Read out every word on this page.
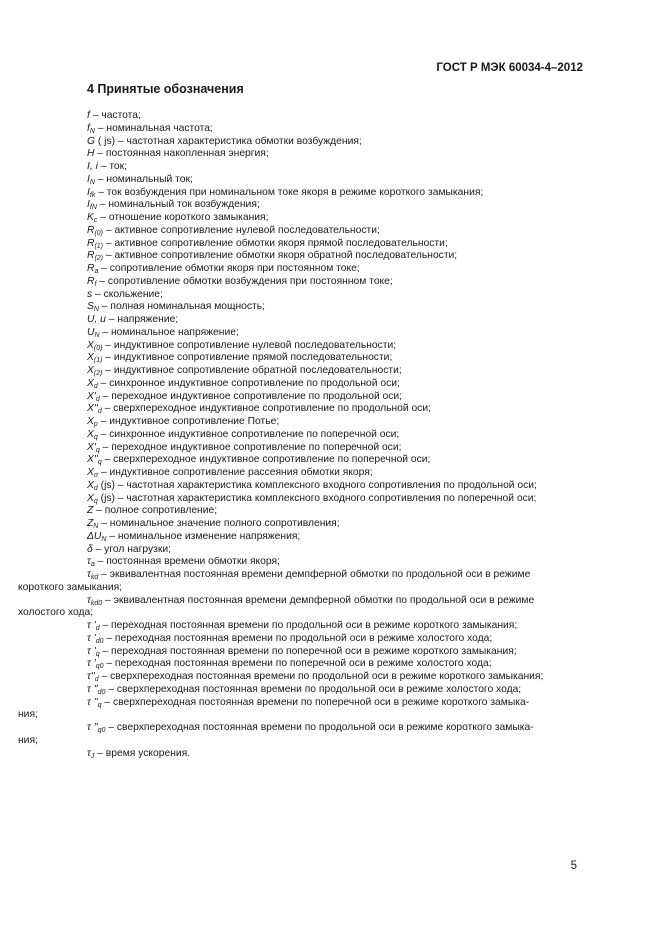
ГОСТ Р МЭК 60034-4–2012
4 Принятые обозначения
f – частота;
fN – номинальная частота;
G ( js) – частотная характеристика обмотки возбуждения;
H – постоянная накопленная энергия;
I, i – ток;
IN – номинальный ток;
Ifk – ток возбуждения при номинальном токе якоря в режиме короткого замыкания;
IfN – номинальный ток возбуждения;
Kc – отношение короткого замыкания;
R(0) – активное сопротивление нулевой последовательности;
R(1) – активное сопротивление обмотки якоря прямой последовательности;
R(2) – активное сопротивление обмотки якоря обратной последовательности;
Ra – сопротивление обмотки якоря при постоянном токе;
Rf – сопротивление обмотки возбуждения при постоянном токе;
s – скольжение;
SN – полная номинальная мощность;
U, u – напряжение;
UN – номинальное напряжение;
X(0) – индуктивное сопротивление нулевой последовательности;
X(1) – индуктивное сопротивление прямой последовательности;
X(2) – индуктивное сопротивление обратной последовательности;
Xd – синхронное индуктивное сопротивление по продольной оси;
X'd – переходное индуктивное сопротивление по продольной оси;
X''d – сверхпереходное индуктивное сопротивление по продольной оси;
Xp – индуктивное сопротивление Потье;
Xq – синхронное индуктивное сопротивление по поперечной оси;
X'q – переходное индуктивное сопротивление по поперечной оси;
X''q – сверхпереходное индуктивное сопротивление по поперечной оси;
Xσ – индуктивное сопротивление рассеяния обмотки якоря;
Xd (js) – частотная характеристика комплексного входного сопротивления по продольной оси;
Xq (js) – частотная характеристика комплексного входного сопротивления по поперечной оси;
Z – полное сопротивление;
ZN – номинальное значение полного сопротивления;
ΔUN – номинальное изменение напряжения;
δ – угол нагрузки;
τa – постоянная времени обмотки якоря;
τkd – эквивалентная постоянная времени демпферной обмотки по продольной оси в режиме
короткого замыкания;
τkd0 – эквивалентная постоянная времени демпферной обмотки по продольной оси в режиме
холостого хода;
τ 'd – переходная постоянная времени по продольной оси в режиме короткого замыкания;
τ 'd0 – переходная постоянная времени по продольной оси в режиме холостого хода;
τ 'q – переходная постоянная времени по поперечной оси в режиме короткого замыкания;
τ 'q0 – переходная постоянная времени по поперечной оси в режиме холостого хода;
τ''d – сверхпереходная постоянная времени по продольной оси в режиме короткого замыкания;
τ ''d0 – сверхпереходная постоянная времени по продольной оси в режиме холостого хода;
τ ''q – сверхпереходная постоянная времени по поперечной оси в режиме короткого замыка-
ния;
τ ''q0 – сверхпереходная постоянная времени по продольной оси в режиме короткого замыка-
ния;
τJ – время ускорения.
5
